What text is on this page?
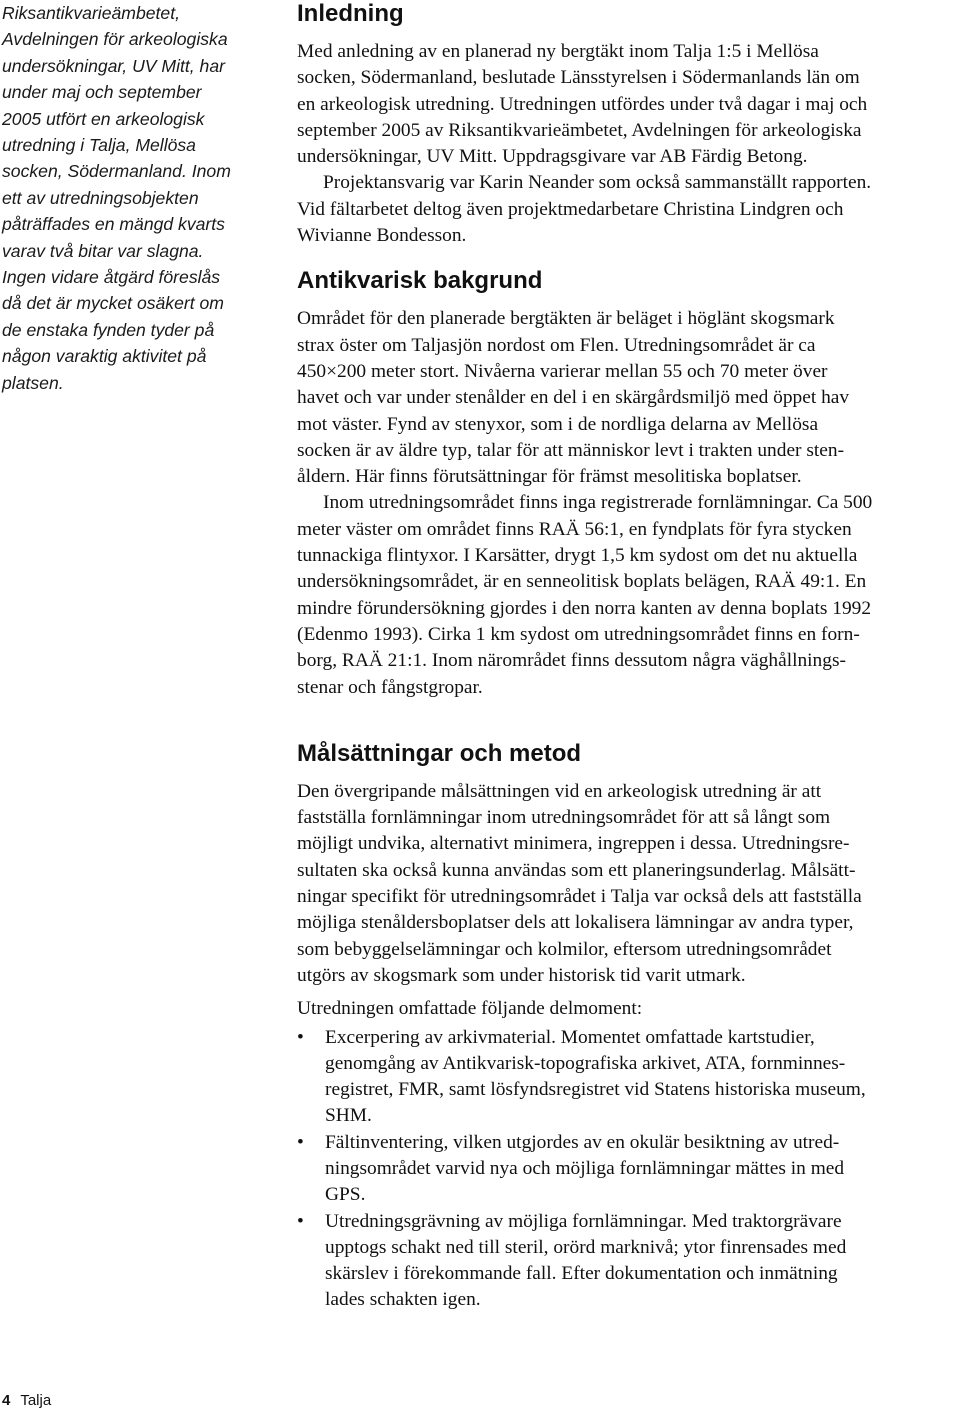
Riksantikvarieämbetet,
Avdelningen för arkeologiska
undersökningar, UV Mitt, har
under maj och september
2005 utfört en arkeologisk
utredning i Talja, Mellösa
socken, Södermanland. Inom
ett av utredningsobjekten
påträffades en mängd kvarts
varav två bitar var slagna.
Ingen vidare åtgärd föreslås
då det är mycket osäkert om
de enstaka fynden tyder på
någon varaktig aktivitet på
platsen.
Inledning

Med anledning av en planerad ny bergtäkt inom Talja 1:5 i Mellösa
socken, Södermanland, beslutade Länsstyrelsen i Södermanlands län om
en arkeologisk utredning. Utredningen utfördes under två dagar i maj och
september 2005 av Riksantikvarieämbetet, Avdelningen för arkeologiska
undersökningar, UV Mitt. Uppdragsgivare var AB Färdig Betong.

Projektansvarig var Karin Neander som också sammanställt rapporten.
Vid fältarbetet deltog även projektmedarbetare Christina Lindgren och
Wivianne Bondesson.

Antikvarisk bakgrund

Området för den planerade bergtäkten är beläget i höglänt skogsmark
strax öster om Taljasjön nordost om Flen. Utredningsområdet är ca
450×200 meter stort. Nivåerna varierar mellan 55 och 70 meter över
havet och var under stenålder en del i en skärgårdsmiljö med öppet hav
mot väster. Fynd av stenyxor, som i de nordliga delarna av Mellösa
socken är av äldre typ, talar för att människor levt i trakten under sten-
åldern. Här finns förutsättningar för främst mesolitiska boplatser.

Inom utredningsområdet finns inga registrerade fornlämningar. Ca 500
meter väster om området finns RAÄ 56:1, en fyndplats för fyra stycken
tunnackiga flintyxor. I Karsätter, drygt 1,5 km sydost om det nu aktuella
undersökningsområdet, är en senneolitisk boplats belägen, RAÄ 49:1. En
mindre förundersökning gjordes i den norra kanten av denna boplats 1992
(Edenmo 1993). Cirka 1 km sydost om utredningsområdet finns en forn-
borg, RAÄ 21:1. Inom närområdet finns dessutom några väghållnings-
stenar och fångstgropar.

Målsättningar och metod

Den övergripande målsättningen vid en arkeologisk utredning är att
fastställa fornlämningar inom utredningsområdet för att så långt som
möjligt undvika, alternativt minimera, ingreppen i dessa. Utredningsre-
sultaten ska också kunna användas som ett planeringsunderlag. Målsätt-
ningar specifikt för utredningsområdet i Talja var också dels att fastställa
möjliga stenåldersboplatser dels att lokalisera lämningar av andra typer,
som bebyggelselämningar och kolmilor, eftersom utredningsområdet
utgörs av skogsmark som under historisk tid varit utmark.

Utredningen omfattade följande delmoment:

•	Excerpering av arkivmaterial. Momentet omfattade kartstudier,
genomgång av Antikvarisk-topografiska arkivet, ATA, fornminnes-
registret, FMR, samt lösfyndsregistret vid Statens historiska museum,
SHM.
•	Fältinventering, vilken utgjordes av en okulär besiktning av utred-
ningsområdet varvid nya och möjliga fornlämningar mättes in med
GPS.
•	Utredningsgrävning av möjliga fornlämningar. Med traktorgrävare
upptogs schakt ned till steril, orörd marknivå; ytor finrensades med
skärslev i förekommande fall. Efter dokumentation och inmätning
lades schakten igen.
4 Talja
